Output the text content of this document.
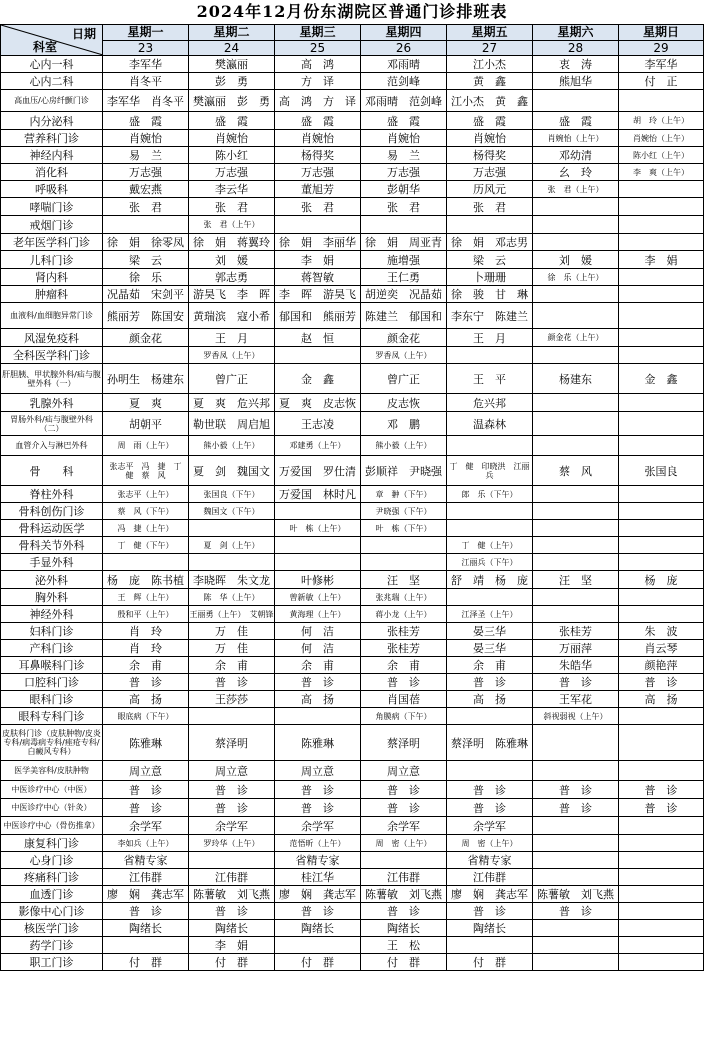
2024年12月份东湖院区普通门诊排班表
日期
科室	星期一	星期二	星期三	星期四	星期五	星期六	星期日
	23	24	25	26	27	28	29
心内一科	李军华	樊瀛丽	高　鸿	邓雨晴	江小杰	衷　涛	李军华
心内二科	肖冬平	彭　勇	方　译	范剑峰	黄　鑫	熊旭华	付　正
高血压/心房纤颤门诊	李军华　肖冬平	樊瀛丽　彭　勇	高　鸿　方　译	邓雨晴　范剑峰	江小杰　黄　鑫		
内分泌科	盛　霞	盛　霞	盛　霞	盛　霞	盛　霞	盛　霞	胡　玲（上午）
营养科门诊	肖婉怡	肖婉怡	肖婉怡	肖婉怡	肖婉怡	肖婉怡（上午）	肖婉怡（上午）
神经内科	易　兰	陈小红	杨得奖	易　兰	杨得奖	邓幼清	陈小红（上午）
消化科	万志强	万志强	万志强	万志强	万志强	幺　玲	李　爽（上午）
呼吸科	戴宏燕	李云华	董旭芳	彭朝华	历风元	张　君（上午）	
哮喘门诊	张　君	张　君	张　君	张　君	张　君		
戒烟门诊		张　君（上午）					
老年医学科门诊	徐　娟　徐零凤	徐　娟　蒋翼玲	徐　娟　李丽华	徐　娟　周亚青	徐　娟　邓志男		
儿科门诊	梁　云	刘　媛	李　娟	施增强	梁　云	刘　媛	李　娟
肾内科	徐　乐	郭志勇	蒋智敏	王仁勇	卜珊珊	徐　乐（上午）	
肿瘤科	况晶茹　宋剑平	游昊飞　李　晖	李　晖　游昊飞	胡逆奕　况晶茹	徐　骏　甘　琳		
血液科/血细胞异常门诊	熊丽芳　陈国安	黄瑞滨　寇小希	郁国和　熊丽芳	陈建兰　郁国和	李东宁　陈建兰		
风湿免疫科	颜金花	王　月	赵　恒	颜金花	王　月	颜金花（上午）	
全科医学科门诊		罗香凤（上午）		罗香凤（上午）			
肝胆胰、甲状腺外科/疝与腹壁外科（一）	孙明生　杨建东	曾广正	金　鑫	曾广正	王　平	杨建东	金　鑫
乳腺外科	夏　爽	夏　爽　危兴邦	夏　爽　皮志恢	皮志恢	危兴邦		
胃肠外科/疝与腹壁外科（二）	胡朝平	勒世联　周启旭	王志凌	邓　鹏	温森林		
血管介入与淋巴外科	周　雨（上午）	熊小毅（上午）	邓建勇（上午）	熊小毅（上午）			
骨　　科	张志平　冯　捷　丁　健　蔡　风	夏　剑　魏国文	万爱国　罗仕清	彭顺祥　尹晓强	丁　健　印晓洪　江丽兵	蔡　风	张国良
脊柱外科	张志平（上午）	张国良（下午）	万爱国　林时凡	章　翀（下午）	郎　乐（下午）		
骨科创伤门诊	蔡　风（下午）	魏国文（下午）		尹晓强（下午）			
骨科运动医学	冯　捷（上午）		叶　栋（上午）	叶　栋（下午）			
骨科关节外科	丁　健（下午）	夏　剑（上午）			丁　健（上午）		
手显外科					江丽兵（下午）		
泌外科	杨　庞　陈书植	李晓晖　朱文龙	叶修彬	汪　坚	舒　靖　杨　庞	汪　坚	杨　庞
胸外科	王　辉（上午）	陈　华（上午）	曾新敏（上午）	张兆瑞（上午）			
神经外科	殷和平（上午）	王丽勇（上午）　艾朝锋	黄海理（上午）	蒋小龙（上午）	江泽圣（上午）		
妇科门诊	肖　玲	万　佳	何　洁	张桂芳	晏三华	张桂芳	朱　波
产科门诊	肖　玲	万　佳	何　洁	张桂芳	晏三华	万丽萍	肖云琴
耳鼻喉科门诊	余　甫	余　甫	余　甫	余　甫	余　甫	朱皓华	颜艳萍
口腔科门诊	普　诊	普　诊	普　诊	普　诊	普　诊	普　诊	普　诊
眼科门诊	高　扬	王莎莎	高　扬	肖国蓓	高　扬	王军花	高　扬
眼科专科门诊	眼底病（下午）			角膜病（下午）		斜视弱视（上午）	
皮肤科门诊（皮肤肿物/皮炎专科/病毒病专科/痤疮专科/白癜风专科）	陈雅琳	蔡泽明	陈雅琳	蔡泽明	蔡泽明　陈雅琳		
医学美容科/皮肤肿物	周立意	周立意	周立意	周立意			
中医诊疗中心（中医）	普　诊	普　诊	普　诊	普　诊	普　诊	普　诊	普　诊
中医诊疗中心（针灸）	普　诊	普　诊	普　诊	普　诊	普　诊	普　诊	普　诊
中医诊疗中心（骨伤推拿）	余学军	余学军	余学军	余学军	余学军		
康复科门诊	李如兵（上午）	罗玲华（上午）	范悟昕（上午）	周　密（上午）	周　密（上午）		
心身门诊	省精专家		省精专家		省精专家		
疼痛科门诊	江伟群	江伟群	桂江华	江伟群	江伟群		
血透门诊	廖　娴　龚志军	陈薯敏　刘飞燕	廖　娴　龚志军	陈薯敏　刘飞燕	廖　娴　龚志军	陈薯敏　刘飞燕	
影像中心门诊	普　诊	普　诊	普　诊	普　诊	普　诊	普　诊	
核医学门诊	陶绪长	陶绪长	陶绪长	陶绪长	陶绪长		
药学门诊		李　娟		王　松			
职工门诊	付　群	付　群	付　群	付　群	付　群		
